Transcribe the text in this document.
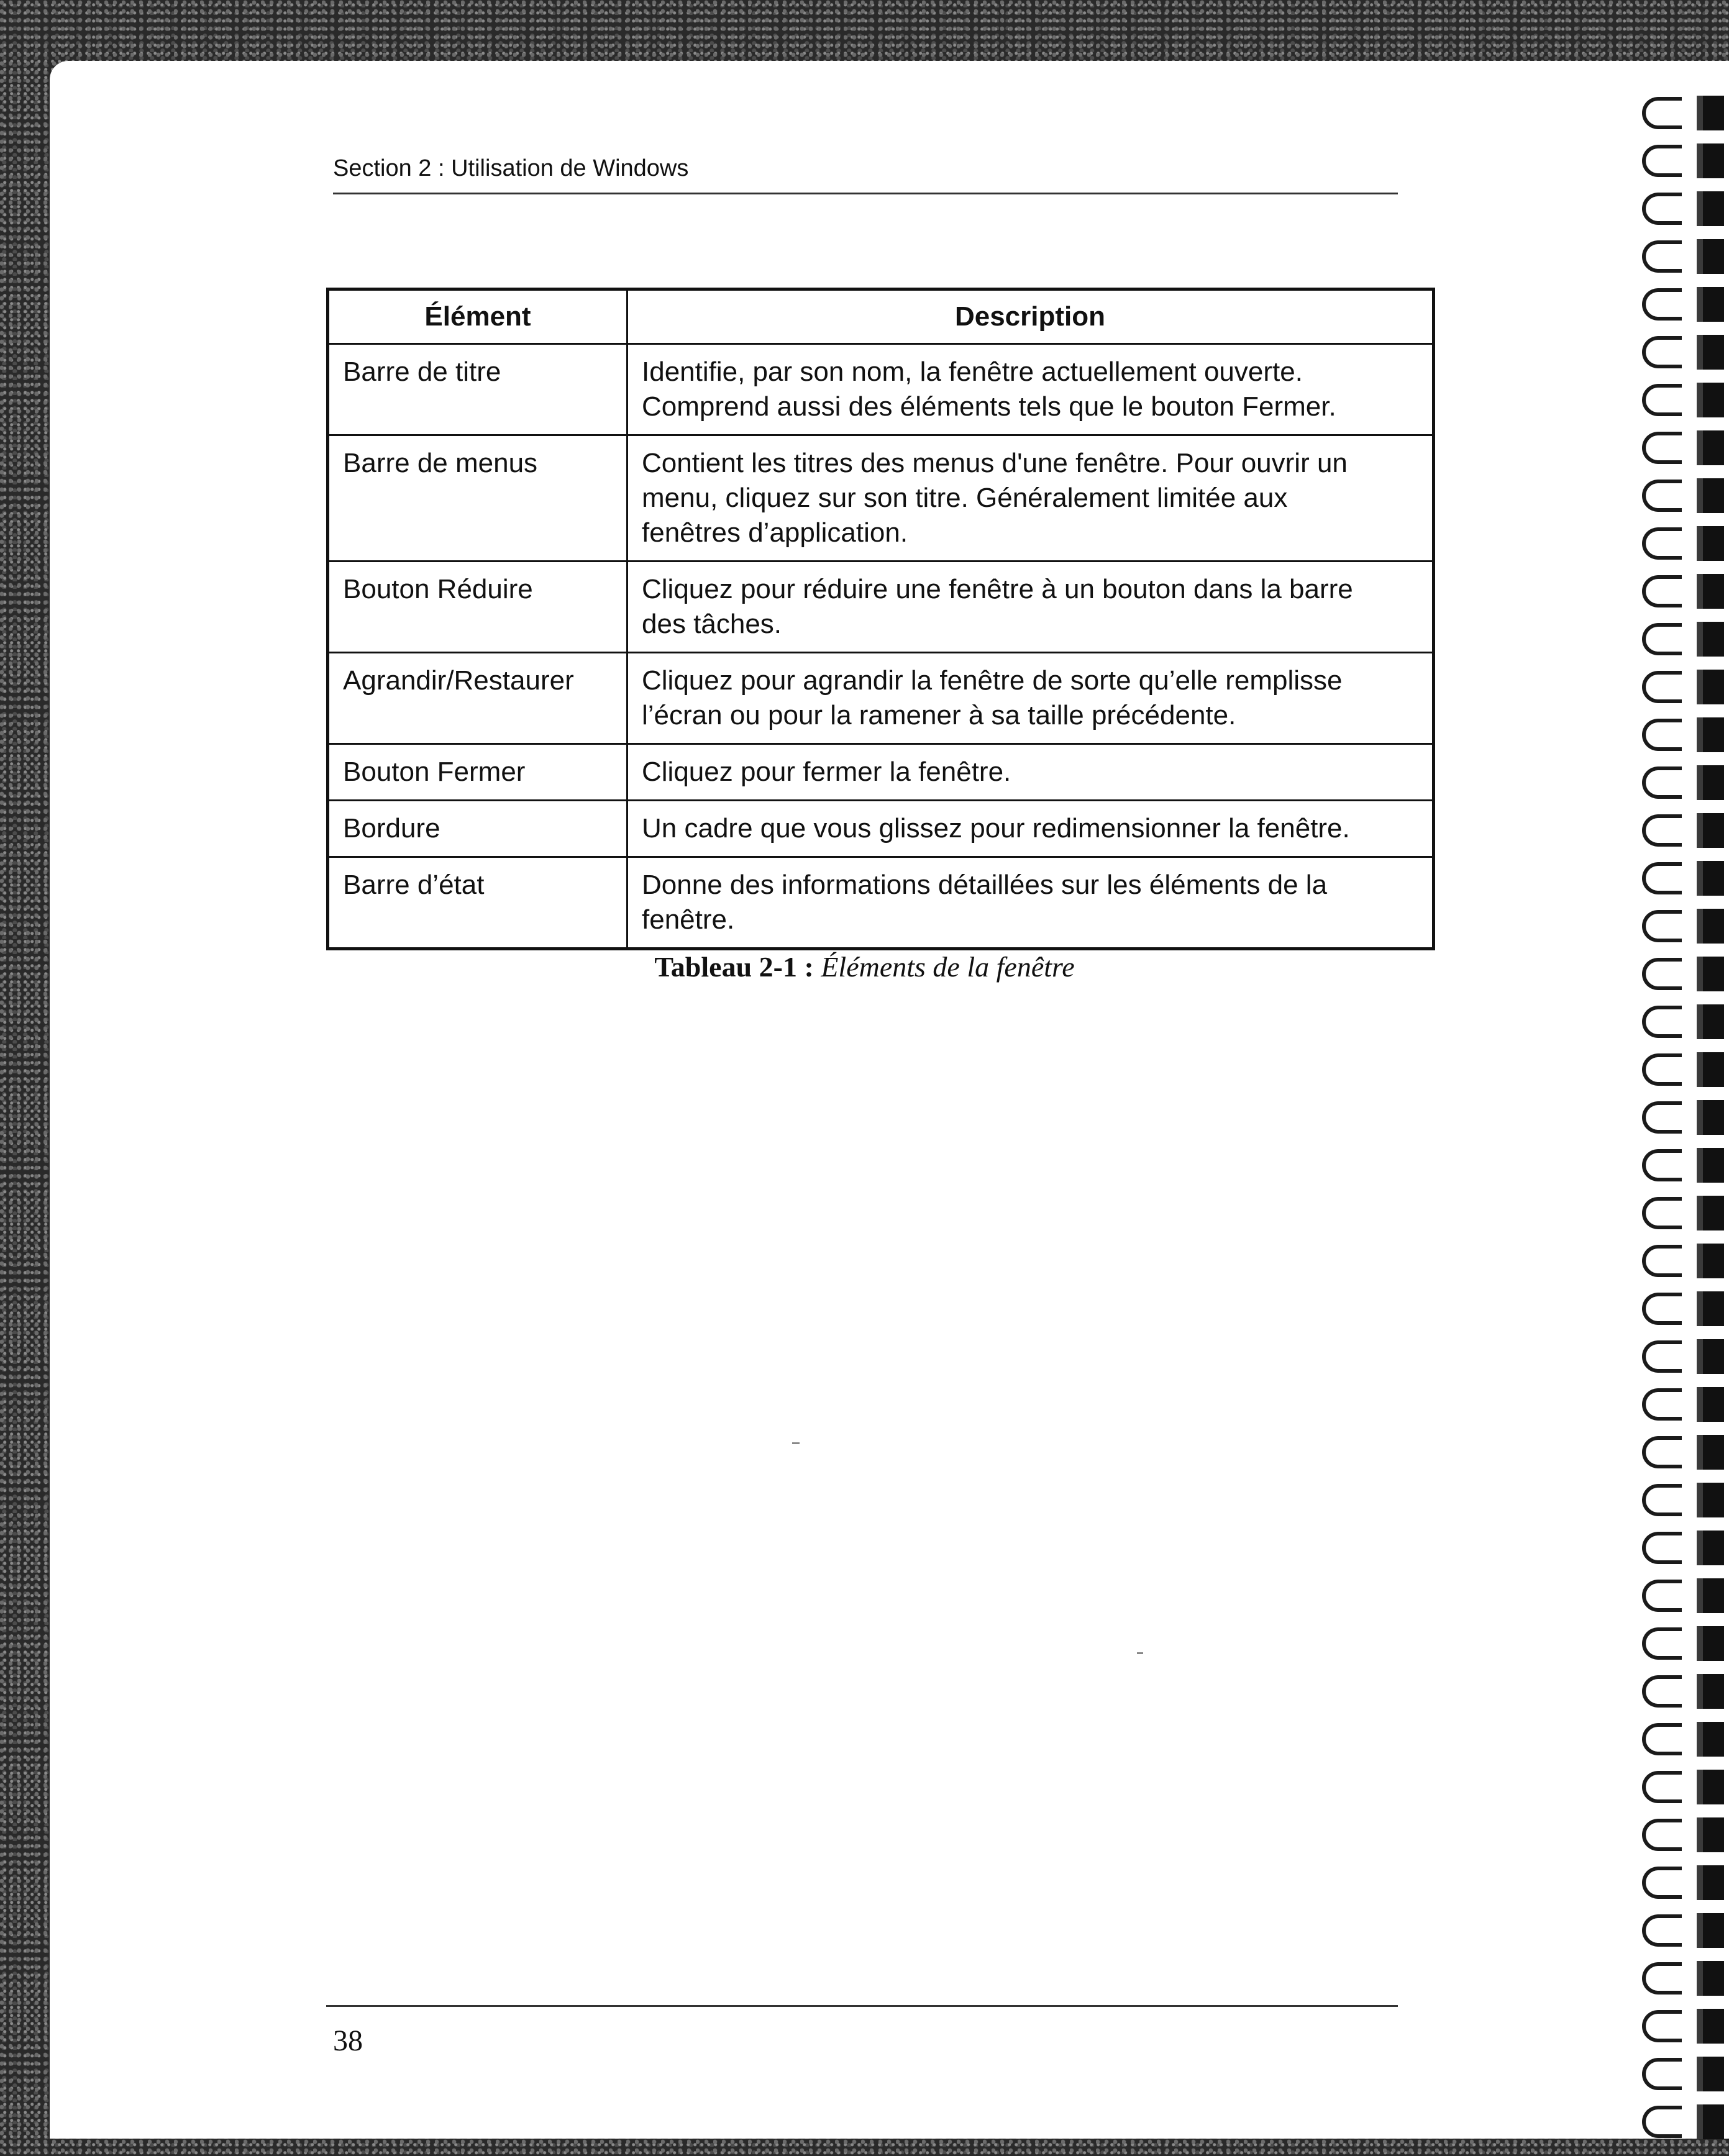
Section 2 : Utilisation de Windows
Élément	Description
Barre de titre	Identifie, par son nom, la fenêtre actuellement ouverte.
Comprend aussi des éléments tels que le bouton Fermer.

Barre de menus	Contient les titres des menus d'une fenêtre. Pour ouvrir un
menu, cliquez sur son titre. Généralement limitée aux
fenêtres d’application.

Bouton Réduire	Cliquez pour réduire une fenêtre à un bouton dans la barre
des tâches.

Agrandir/Restaurer	Cliquez pour agrandir la fenêtre de sorte qu’elle remplisse
l’écran ou pour la ramener à sa taille précédente.

Bouton Fermer	Cliquez pour fermer la fenêtre.

Bordure	Un cadre que vous glissez pour redimensionner la fenêtre.

Barre d’état	Donne des informations détaillées sur les éléments de la
fenêtre.
Tableau 2-1 : Éléments de la fenêtre
38
